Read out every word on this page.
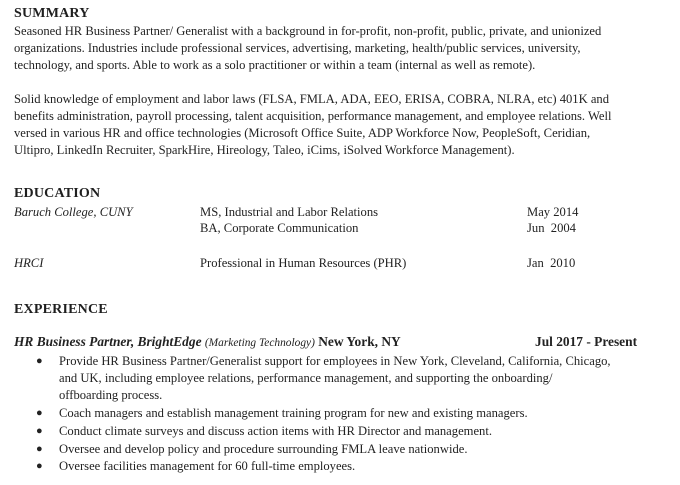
SUMMARY
Seasoned HR Business Partner/ Generalist with a background in for-profit, non-profit, public, private, and unionized
organizations. Industries include professional services, advertising, marketing, health/public services, university,
technology, and sports. Able to work as a solo practitioner or within a team (internal as well as remote).
Solid knowledge of employment and labor laws (FLSA, FMLA, ADA, EEO, ERISA, COBRA, NLRA, etc) 401K and
benefits administration, payroll processing, talent acquisition, performance management, and employee relations. Well
versed in various HR and office technologies (Microsoft Office Suite, ADP Workforce Now, PeopleSoft, Ceridian,
Ultipro, LinkedIn Recruiter, SparkHire, Hireology, Taleo, iCims, iSolved Workforce Management).
EDUCATION
Baruch College, CUNY	MS, Industrial and Labor Relations	May 2014
BA, Corporate Communication	Jun  2004
HRCI	Professional in Human Resources (PHR)	Jan  2010
EXPERIENCE
HR Business Partner, BrightEdge (Marketing Technology) New York, NY	Jul 2017 - Present
● Provide HR Business Partner/Generalist support for employees in New York, Cleveland, California, Chicago,
and UK, including employee relations, performance management, and supporting the onboarding/
offboarding process.
● Coach managers and establish management training program for new and existing managers.
● Conduct climate surveys and discuss action items with HR Director and management.
● Oversee and develop policy and procedure surrounding FMLA leave nationwide.
● Oversee facilities management for 60 full-time employees.
